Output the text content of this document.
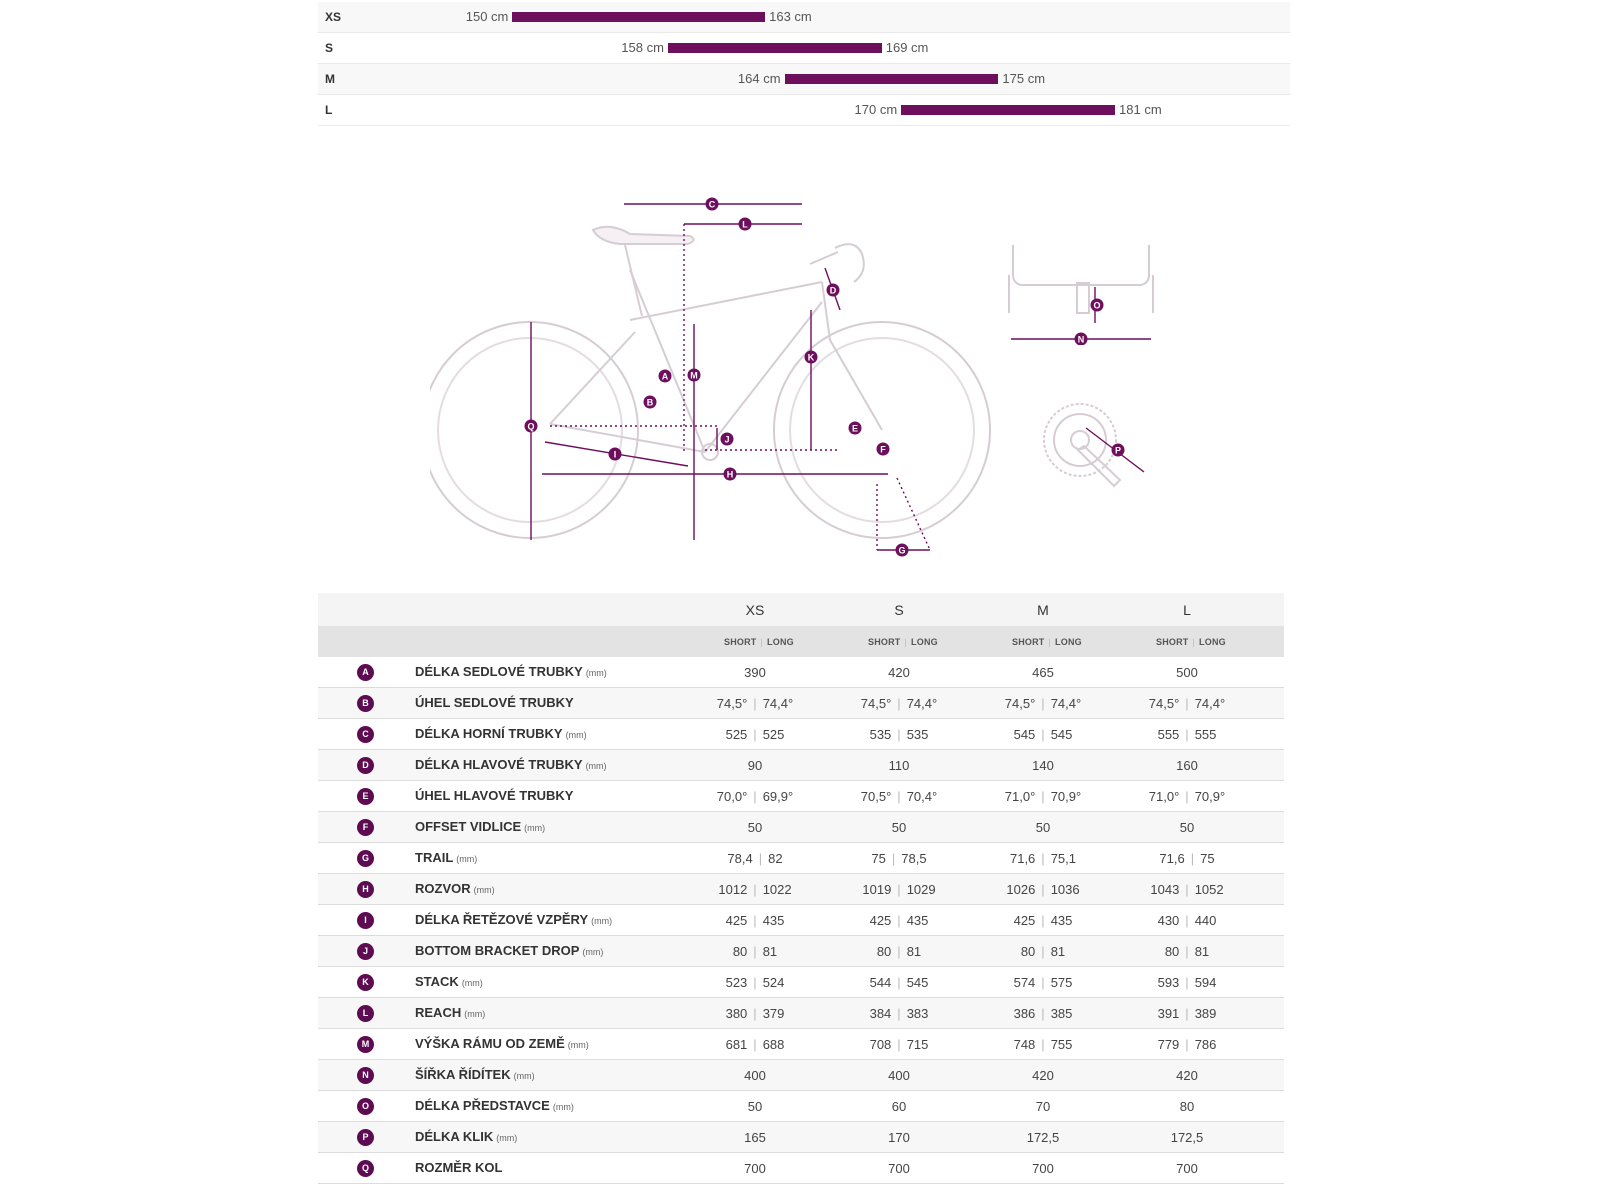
XS	150 cm	163 cm
S	158 cm	169 cm
M	164 cm	175 cm
L	170 cm	181 cm
C
L
D
K
M
A
B
E
Q
J
F
I
H
G
N
O
P
XS	S	M	L
SHORT | LONG	SHORT | LONG	SHORT | LONG	SHORT | LONG
A	DÉLKA SEDLOVÉ TRUBKY (mm)	390	420	465	500
B	ÚHEL SEDLOVÉ TRUBKY	74,5° | 74,4°	74,5° | 74,4°	74,5° | 74,4°	74,5° | 74,4°
C	DÉLKA HORNÍ TRUBKY (mm)	525 | 525	535 | 535	545 | 545	555 | 555
D	DÉLKA HLAVOVÉ TRUBKY (mm)	90	110	140	160
E	ÚHEL HLAVOVÉ TRUBKY	70,0° | 69,9°	70,5° | 70,4°	71,0° | 70,9°	71,0° | 70,9°
F	OFFSET VIDLICE (mm)	50	50	50	50
G	TRAIL (mm)	78,4 | 82	75 | 78,5	71,6 | 75,1	71,6 | 75
H	ROZVOR (mm)	1012 | 1022	1019 | 1029	1026 | 1036	1043 | 1052
I	DÉLKA ŘETĚZOVÉ VZPĚRY (mm)	425 | 435	425 | 435	425 | 435	430 | 440
J	BOTTOM BRACKET DROP (mm)	80 | 81	80 | 81	80 | 81	80 | 81
K	STACK (mm)	523 | 524	544 | 545	574 | 575	593 | 594
L	REACH (mm)	380 | 379	384 | 383	386 | 385	391 | 389
M	VÝŠKA RÁMU OD ZEMĚ (mm)	681 | 688	708 | 715	748 | 755	779 | 786
N	ŠÍŘKA ŘÍDÍTEK (mm)	400	400	420	420
O	DÉLKA PŘEDSTAVCE (mm)	50	60	70	80
P	DÉLKA KLIK (mm)	165	170	172,5	172,5
Q	ROZMĚR KOL	700	700	700	700
